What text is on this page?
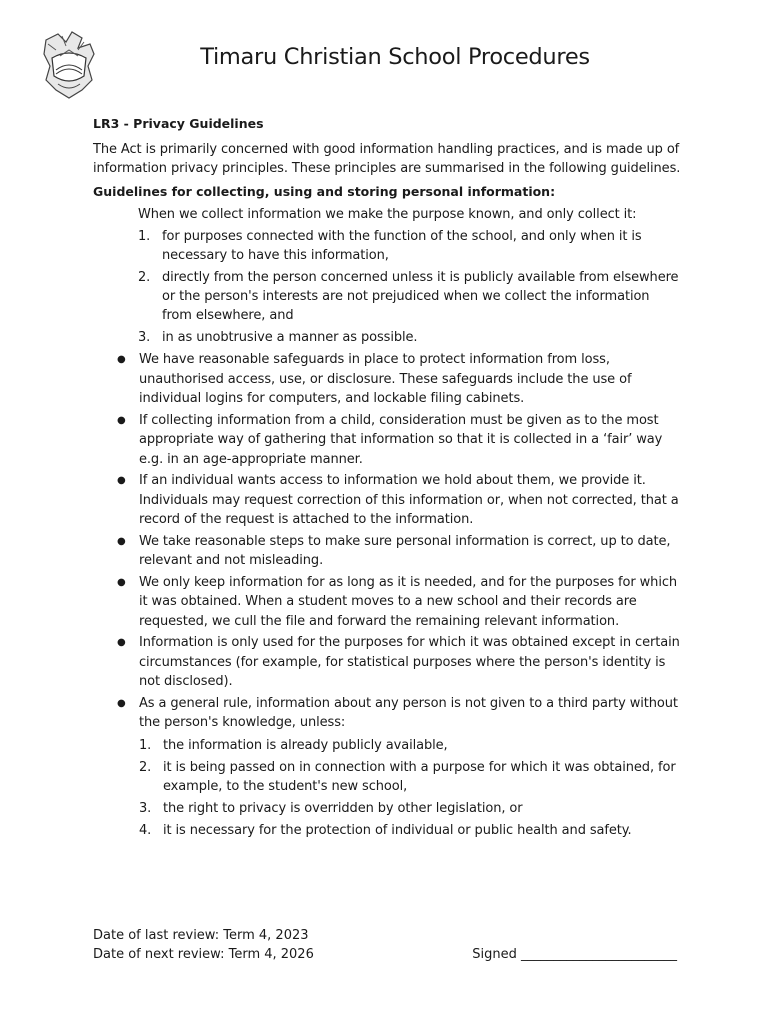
Timaru Christian School Procedures
LR3 - Privacy Guidelines

The Act is primarily concerned with good information handling practices, and is made up of information privacy principles. These principles are summarised in the following guidelines.

Guidelines for collecting, using and storing personal information:
When we collect information we make the purpose known, and only collect it:
1. for purposes connected with the function of the school, and only when it is necessary to have this information,
2. directly from the person concerned unless it is publicly available from elsewhere or the person's interests are not prejudiced when we collect the information from elsewhere, and
3. in as unobtrusive a manner as possible.
● We have reasonable safeguards in place to protect information from loss, unauthorised access, use, or disclosure. These safeguards include the use of individual logins for computers, and lockable filing cabinets.
● If collecting information from a child, consideration must be given as to the most appropriate way of gathering that information so that it is collected in a ‘fair’ way e.g. in an age-appropriate manner.
● If an individual wants access to information we hold about them, we provide it. Individuals may request correction of this information or, when not corrected, that a record of the request is attached to the information.
● We take reasonable steps to make sure personal information is correct, up to date, relevant and not misleading.
● We only keep information for as long as it is needed, and for the purposes for which it was obtained. When a student moves to a new school and their records are requested, we cull the file and forward the remaining relevant information.
● Information is only used for the purposes for which it was obtained except in certain circumstances (for example, for statistical purposes where the person's identity is not disclosed).
● As a general rule, information about any person is not given to a third party without the person's knowledge, unless:
1. the information is already publicly available,
2. it is being passed on in connection with a purpose for which it was obtained, for example, to the student's new school,
3. the right to privacy is overridden by other legislation, or
4. it is necessary for the protection of individual or public health and safety.
Date of last review: Term 4, 2023
Date of next review: Term 4, 2026	Signed ________________________
